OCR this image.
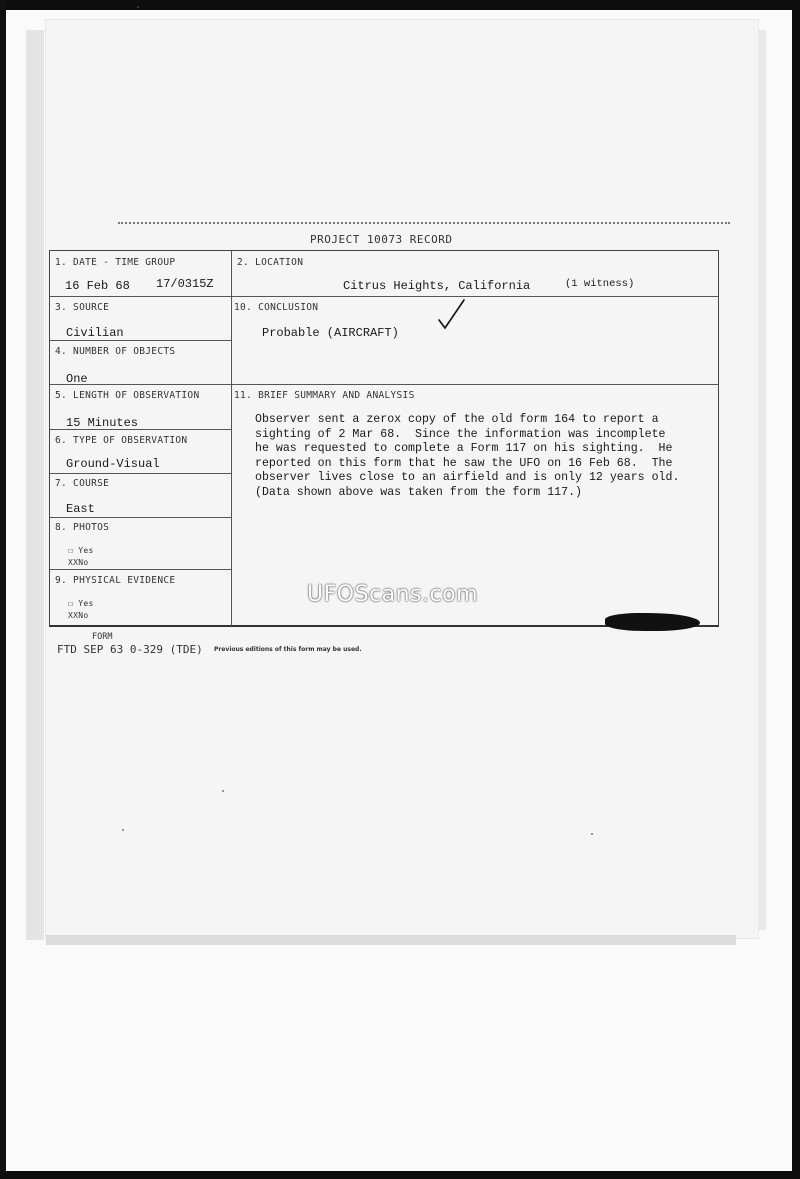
PROJECT 10073 RECORD
1. DATE - TIME GROUP
16 Feb 68 17/0315Z
2. LOCATION
Citrus Heights, California	(1 witness)
3. SOURCE
Civilian
10. CONCLUSION
Probable (AIRCRAFT)
4. NUMBER OF OBJECTS
One
5. LENGTH OF OBSERVATION
15 Minutes
11. BRIEF SUMMARY AND ANALYSIS
Observer sent a zerox copy of the old form 164 to report a
sighting of 2 Mar 68.  Since the information was incomplete
he was requested to complete a Form 117 on his sighting.  He
reported on this form that he saw the UFO on 16 Feb 68.  The
observer lives close to an airfield and is only 12 years old.
(Data shown above was taken from the form 117.)
6. TYPE OF OBSERVATION
Ground-Visual
7. COURSE
East
8. PHOTOS
☐ Yes
XXNo
9. PHYSICAL EVIDENCE
☐ Yes
XXNo
UFOScans.com
FORM
FTD SEP 63 0-329 (TDE) Previous editions of this form may be used.
